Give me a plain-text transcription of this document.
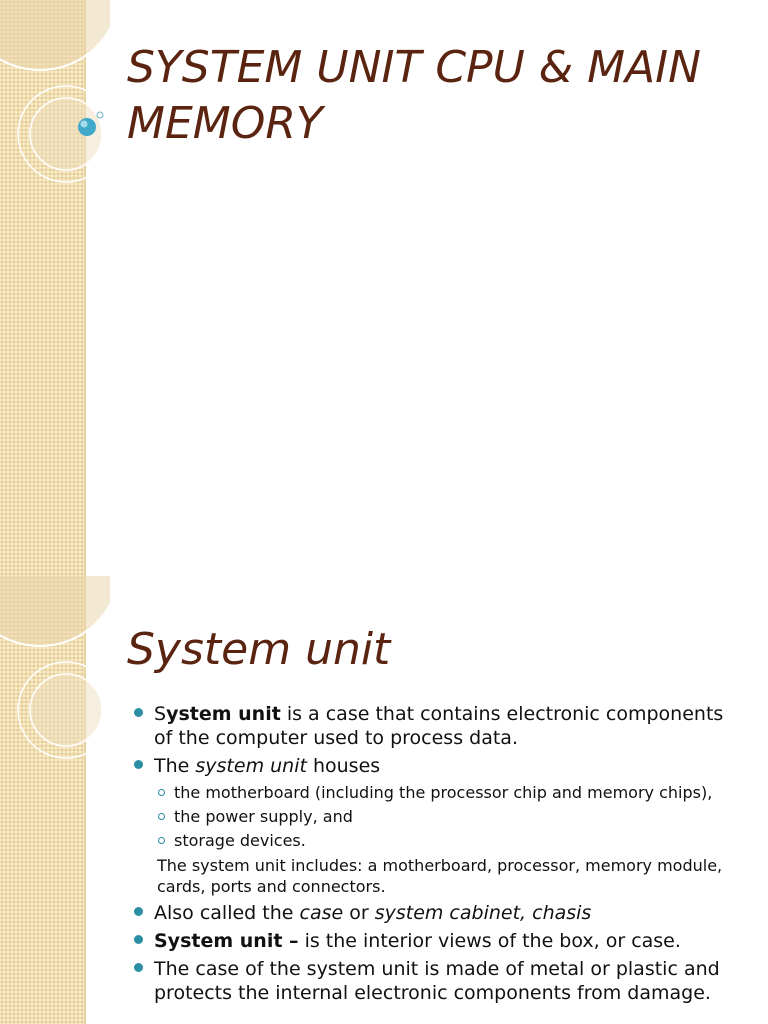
SYSTEM UNIT CPU & MAIN MEMORY
System unit

System unit is a case that contains electronic components of the computer used to process data.

The system unit houses

the motherboard (including the processor chip and memory chips),

the power supply, and

storage devices.

The system unit includes: a motherboard, processor, memory module, cards, ports and connectors.

Also called the case or system cabinet, chasis

System unit – is the interior views of the box, or case.

The case of the system unit is made of metal or plastic and protects the internal electronic components from damage.
